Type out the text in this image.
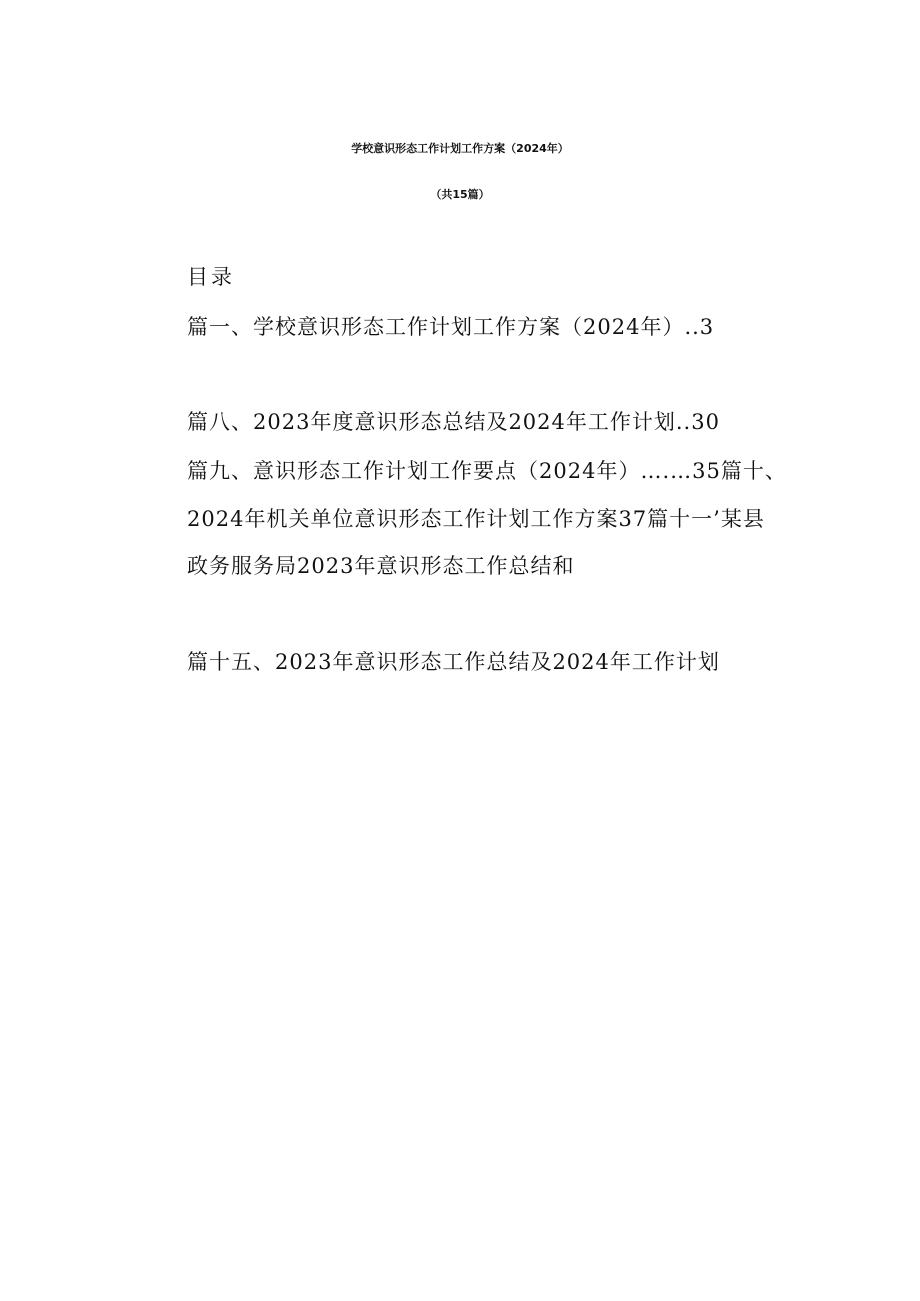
学校意识形态工作计划工作方案（2024年）
（共15篇）
目录
篇一、学校意识形态工作计划工作方案（2024年）..3
篇八、2023年度意识形态总结及2024年工作计划..30
篇九、意识形态工作计划工作要点（2024年）….…35篇十、
2024年机关单位意识形态工作计划工作方案37篇十一’某县
政务服务局2023年意识形态工作总结和
篇十五、2023年意识形态工作总结及2024年工作计划
